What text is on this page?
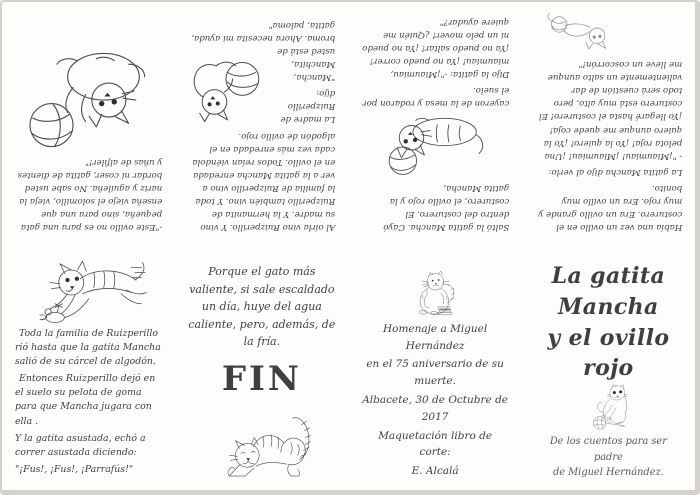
-"Este ovillo no es para una gata pequeña, sino para una que enseña viejo el solomillo, vieja la nariz y aguileña. No sabe usted bordar ni coser, gatita de dientes y uñas de alfiler!"

Al oírla vino Ruizperillo. Y vino su madre. Y la hermanita de Ruizperillo también vino. Y toda la familia de Ruizperillo vino a ver a la gatita Mancha enredada en el ovillo. Todos reían viéndola cada vez más enredada en el algodón de ovillo rojo.

La madre de Ruizperillo dijo:

"Mancha, Manchita, usted está de broma. Ahora necesita mi ayuda, gatita, paloma"

Saltó la gatita Mancha. Cayó dentro del costurero. El costurero, el ovillo rojo y la gatita Mancha,

cayeron de la mesa y rodaron por el suelo.

Dijo la gatita: -"¡Miaumiau, miaumiau! ¡Ya no puedo correr! ¡Ya no puedo saltar! ¡Ya no puedo ni un pelo mover! ¿Quién me quiere ayudar?"

Había una vez un ovillo en el costurero. Era un ovillo grande y muy rojo. Era un ovillo muy bonito.

La gatita Mancha dijo al verlo:

- "¡Miaumiau! ¡Miaumiau! ¡Una pelota roja! ¡Yo la quiero! ¡Yo la quiero aunque me quede coja! ¡Yo llegaré hasta el costurero! El costurero está muy alto, pero todo será cuestión de dar valientemente un salto aunque me lleve un coscorrón!"

Toda la familia de Ruizperillo rió hasta que la gatita Mancha salió de su cárcel de algodón.

Entonces Ruizperillo dejó en el suelo su pelota de goma para que Mancha jugara con ella .

Y la gatita asustada, echó a correr asustada diciendo:

"¡Fus!, ¡Fus!, ¡Parrafús!"

Porque el gato más valiente, si sale escaldado un día, huye del agua caliente, pero, además, de la fría.

FIN

Homenaje a Miguel Hernández

en el 75 aniversario de su muerte.

Albacete, 30 de Octubre de 2017

Maquetación libro de corte:

E. Alcalá

La gatita Mancha
y el ovillo rojo

De los cuentos para ser padre
de Miguel Hernández.
